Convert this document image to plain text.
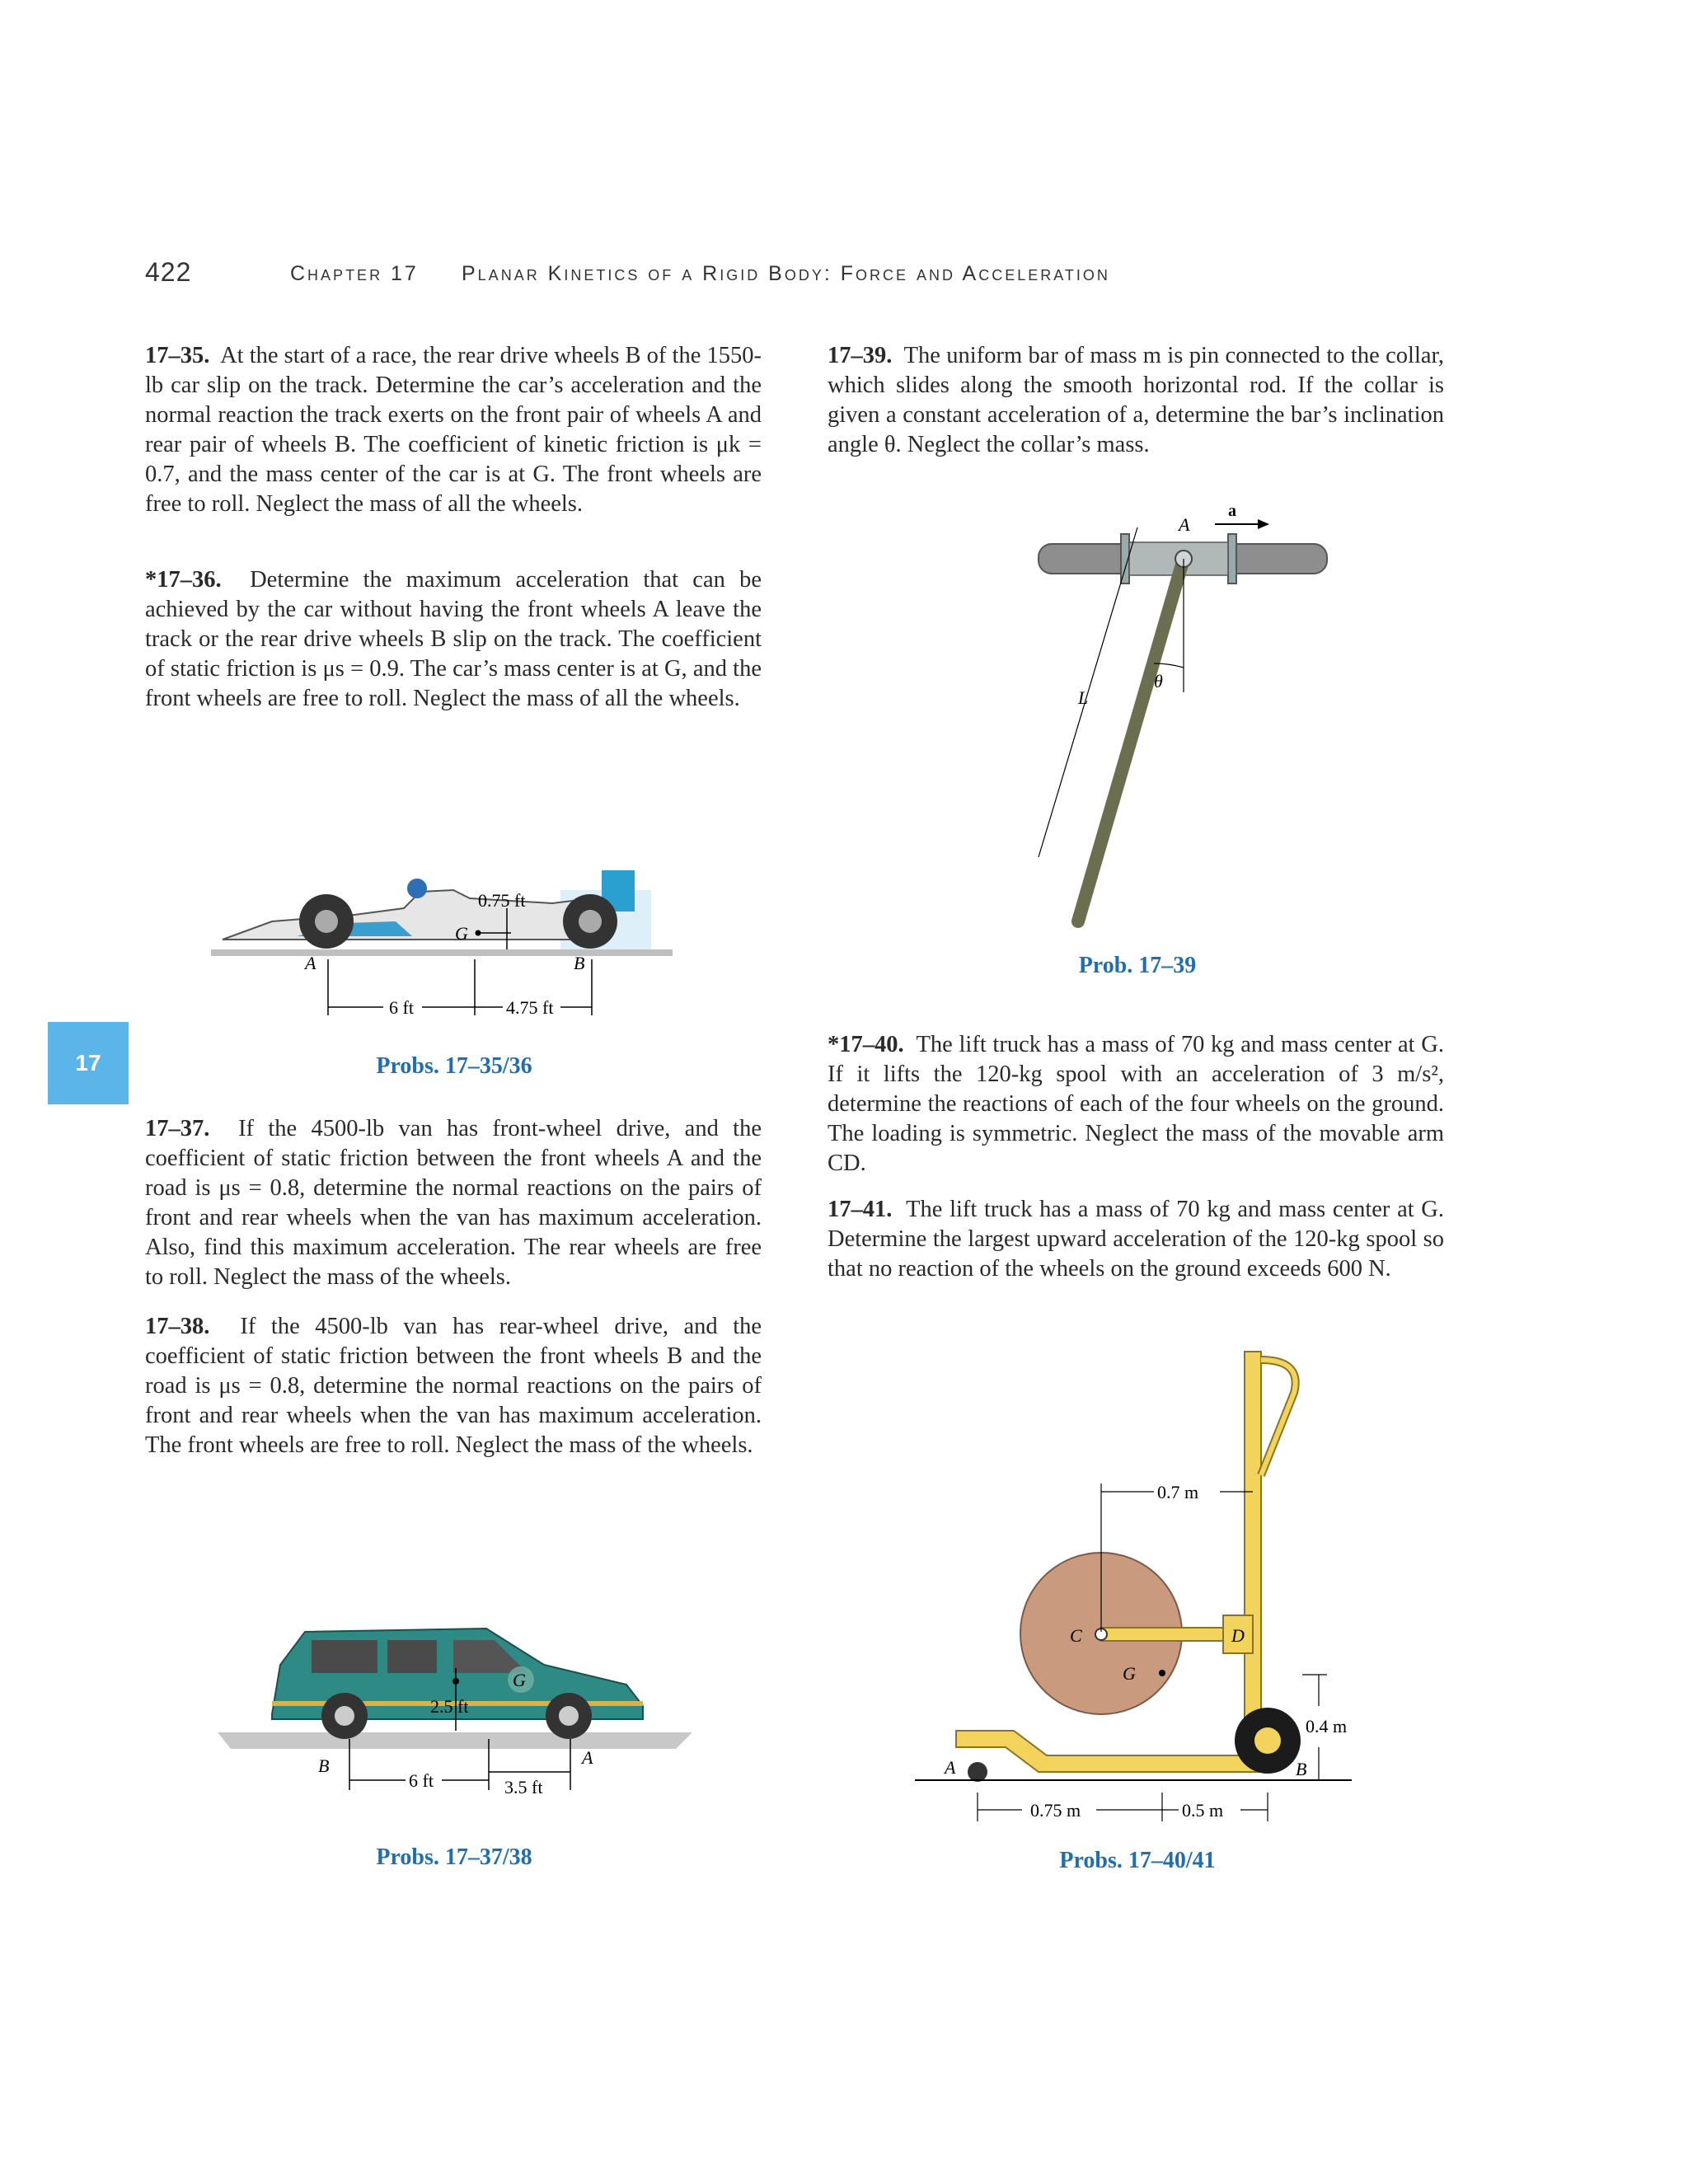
422	Chapter 17 Planar Kinetics of a Rigid Body: Force and Acceleration
17
17–35. At the start of a race, the rear drive wheels B of the 1550-lb car slip on the track. Determine the car’s acceleration and the normal reaction the track exerts on the front pair of wheels A and rear pair of wheels B. The coefficient of kinetic friction is μk = 0.7, and the mass center of the car is at G. The front wheels are free to roll. Neglect the mass of all the wheels.
*17–36. Determine the maximum acceleration that can be achieved by the car without having the front wheels A leave the track or the rear drive wheels B slip on the track. The coefficient of static friction is μs = 0.9. The car’s mass center is at G, and the front wheels are free to roll. Neglect the mass of all the wheels.
0.75 ft
G
A	B
6 ft	4.75 ft
Probs. 17–35/36
17–37. If the 4500-lb van has front-wheel drive, and the coefficient of static friction between the front wheels A and the road is μs = 0.8, determine the normal reactions on the pairs of front and rear wheels when the van has maximum acceleration. Also, find this maximum acceleration. The rear wheels are free to roll. Neglect the mass of the wheels.
17–38. If the 4500-lb van has rear-wheel drive, and the coefficient of static friction between the front wheels B and the road is μs = 0.8, determine the normal reactions on the pairs of front and rear wheels when the van has maximum acceleration. The front wheels are free to roll. Neglect the mass of the wheels.
G
2.5 ft
B	A
6 ft	3.5 ft
Probs. 17–37/38
17–39. The uniform bar of mass m is pin connected to the collar, which slides along the smooth horizontal rod. If the collar is given a constant acceleration of a, determine the bar’s inclination angle θ. Neglect the collar’s mass.
θ
L
A
a
Prob. 17–39
*17–40. The lift truck has a mass of 70 kg and mass center at G. If it lifts the 120-kg spool with an acceleration of 3 m/s², determine the reactions of each of the four wheels on the ground. The loading is symmetric. Neglect the mass of the movable arm CD.
17–41. The lift truck has a mass of 70 kg and mass center at G. Determine the largest upward acceleration of the 120-kg spool so that no reaction of the wheels on the ground exceeds 600 N.
D
C
G
A	B
0.7 m
0.4 m
0.75 m	0.5 m
Probs. 17–40/41
